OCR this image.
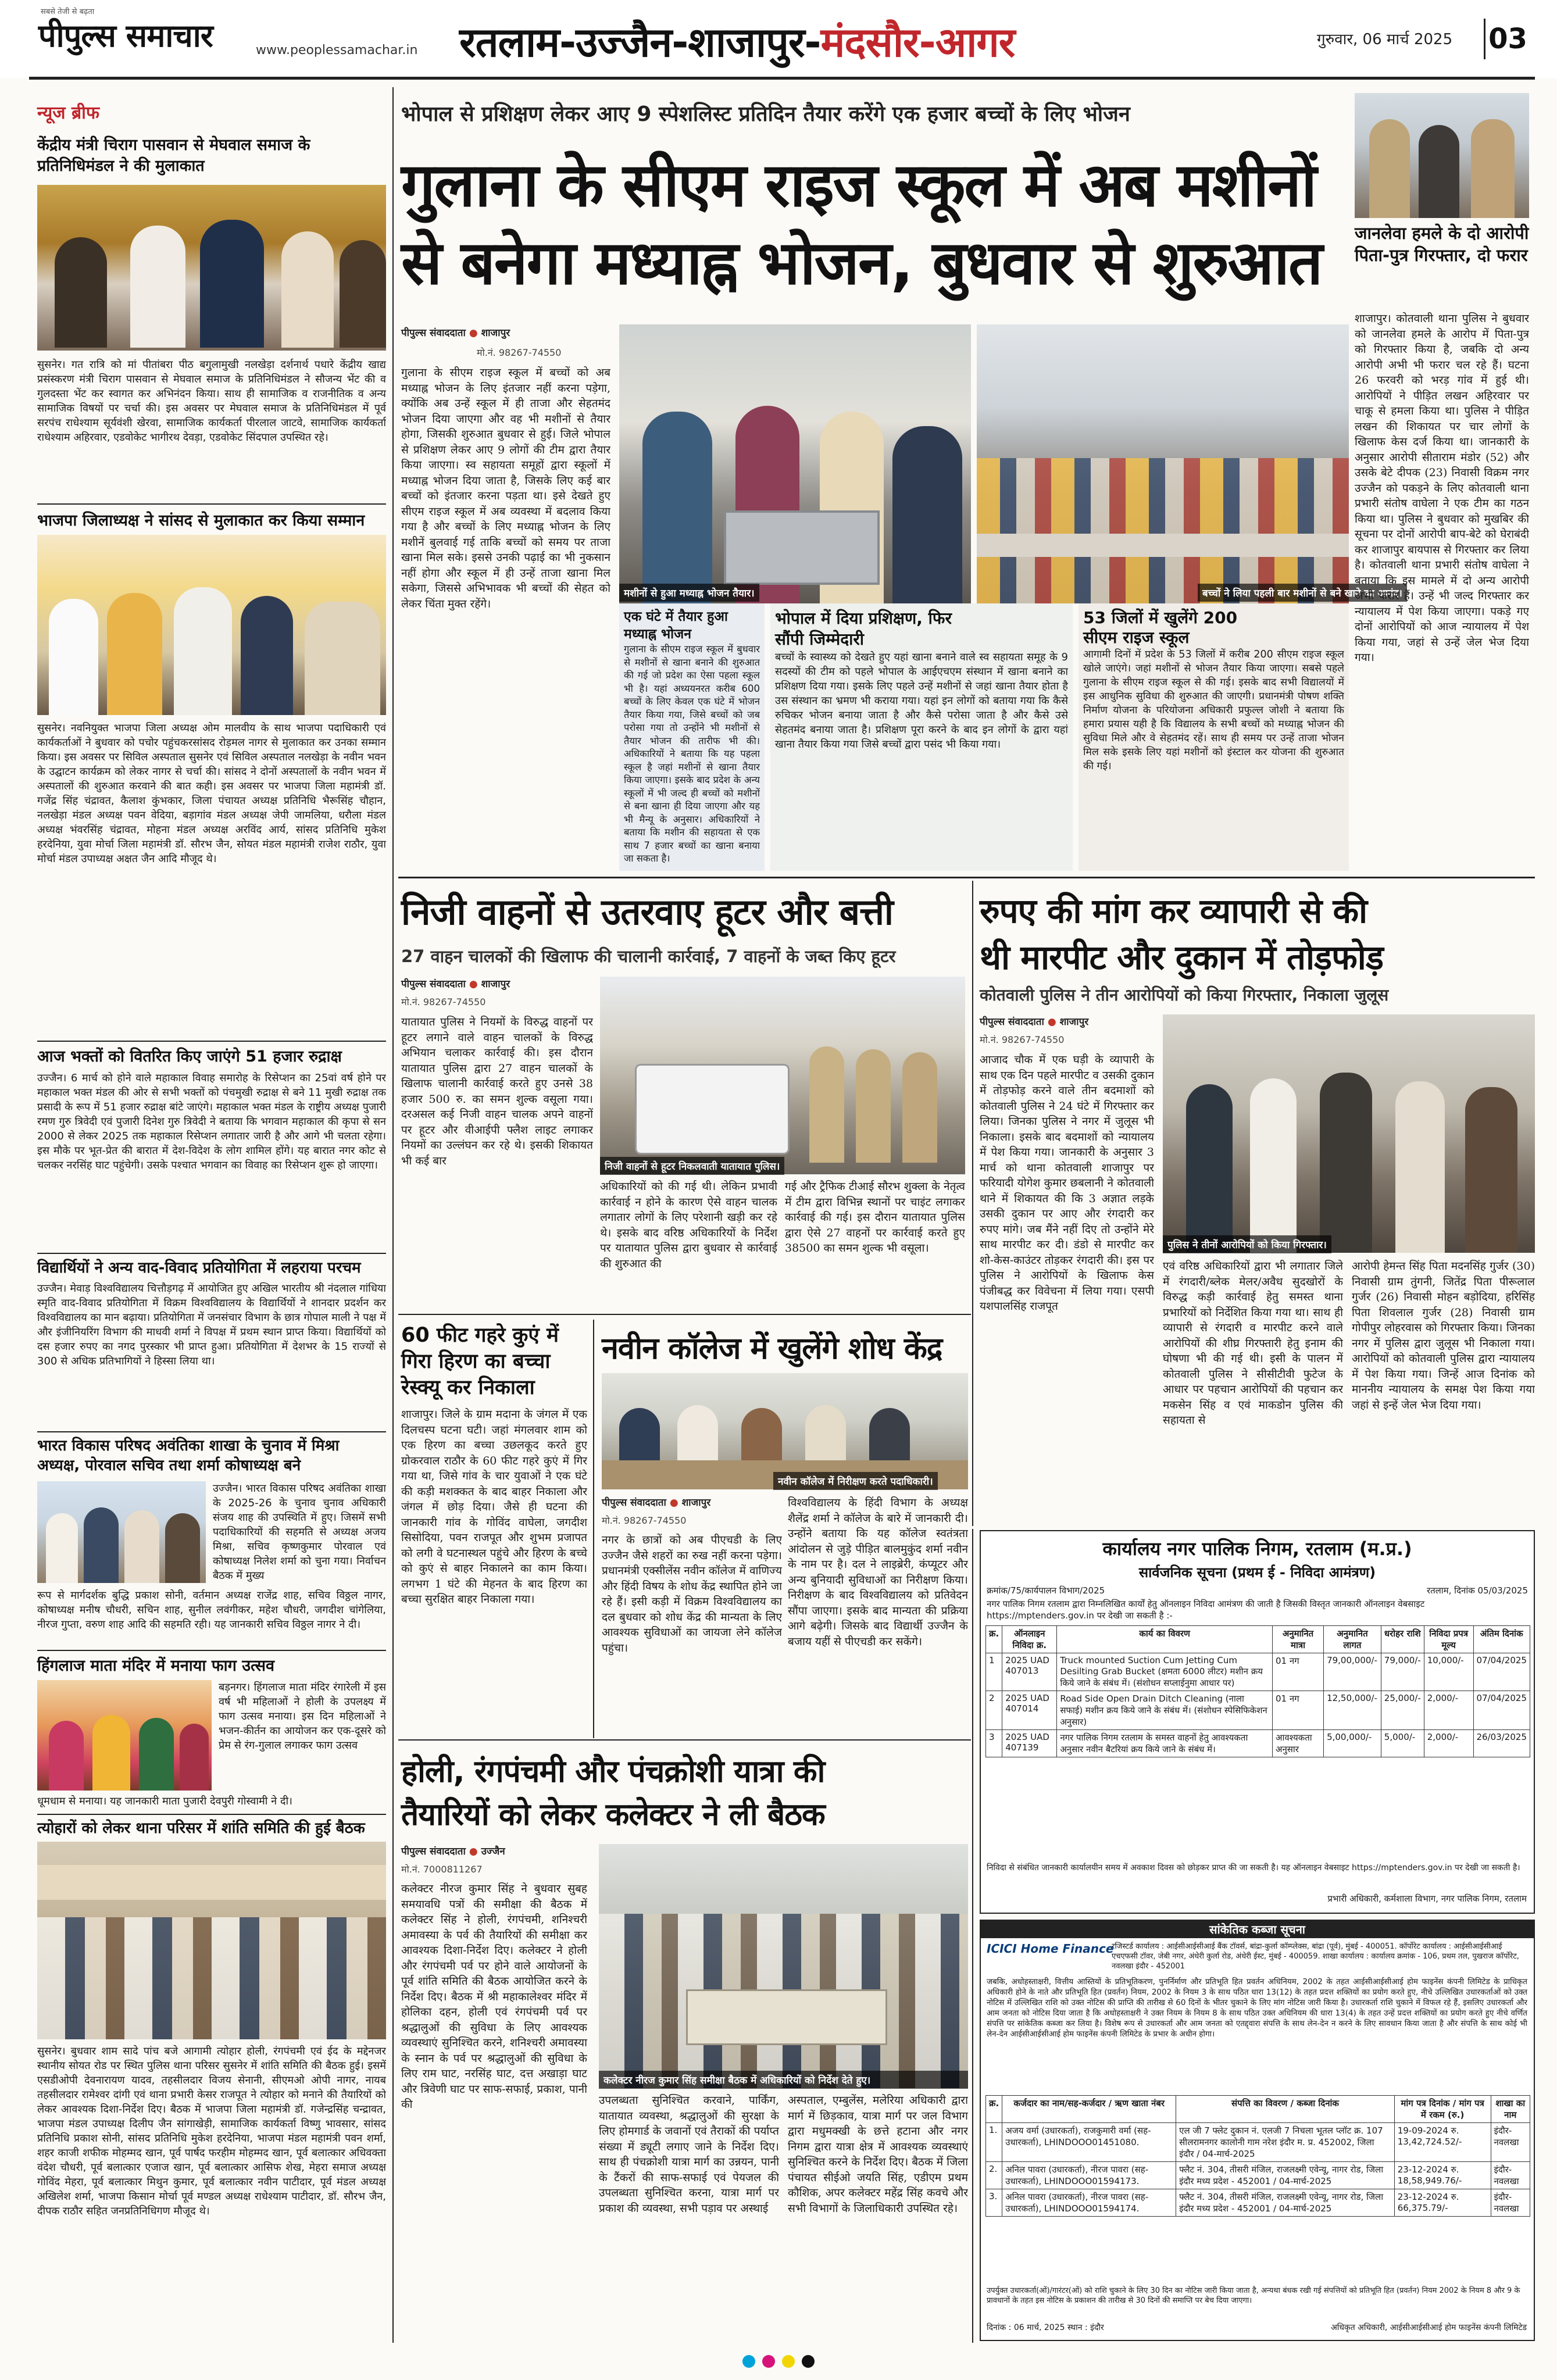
सबसे तेजी से बढ़ता
पीपुल्स समाचार	www.peoplessamachar.in रतलाम-उज्जैन-शाजापुर-मंदसौर-आगर	गुरुवार, 06 मार्च 2025 03
न्यूज ब्रीफ
केंद्रीय मंत्री चिराग पासवान से मेघवाल समाज के प्रतिनिधिमंडल ने की मुलाकात
सुसनेर। गत रात्रि को मां पीतांबरा पीठ बगुलामुखी नलखेड़ा दर्शनार्थ पधारे केंद्रीय खाद्य प्रसंस्करण मंत्री चिराग पासवान से मेघवाल समाज के प्रतिनिधिमंडल ने सौजन्य भेंट की व गुलदस्ता भेंट कर स्वागत कर अभिनंदन किया। साथ ही सामाजिक व राजनीतिक व अन्य सामाजिक विषयों पर चर्चा की। इस अवसर पर मेघवाल समाज के प्रतिनिधिमंडल में पूर्व सरपंच राधेश्याम सूर्यवंशी खेरवा, सामाजिक कार्यकर्ता पीरलाल जाटवे, सामाजिक कार्यकर्ता राधेश्याम अहिरवार, एडवोकेट भागीरथ देवड़ा, एडवोकेट सिंदपाल उपस्थित रहे।
भाजपा जिलाध्यक्ष ने सांसद से मुलाकात कर किया सम्मान
सुसनेर। नवनियुक्त भाजपा जिला अध्यक्ष ओम मालवीय के साथ भाजपा पदाधिकारी एवं कार्यकर्ताओं ने बुधवार को पचोर पहुंचकरसांसद रोड़मल नागर से मुलाकात कर उनका सम्मान किया। इस अवसर पर सिविल अस्पताल सुसनेर एवं सिविल अस्पताल नलखेड़ा के नवीन भवन के उद्घाटन कार्यक्रम को लेकर नागर से चर्चा की। सांसद ने दोनों अस्पतालों के नवीन भवन में अस्पतालों की शुरुआत करवाने की बात कही। इस अवसर पर भाजपा जिला महामंत्री डॉ. गजेंद्र सिंह चंद्रावत, कैलाश कुंभकार, जिला पंचायत अध्यक्ष प्रतिनिधि भैरूसिंह चौहान, नलखेड़ा मंडल अध्यक्ष पवन वेदिया, बड़ागांव मंडल अध्यक्ष जेपी जामलिया, धरौला मंडल अध्यक्ष भंवरसिंह चंद्रावत, मोहना मंडल अध्यक्ष अरविंद आर्य, सांसद प्रतिनिधि मुकेश हरदेनिया, युवा मोर्चा जिला महामंत्री डॉ. सौरभ जैन, सोयत मंडल महामंत्री राजेश राठौर, युवा मोर्चा मंडल उपाध्यक्ष अक्षत जैन आदि मौजूद थे।
आज भक्तों को वितरित किए जाएंगे 51 हजार रुद्राक्ष
उज्जैन। 6 मार्च को होने वाले महाकाल विवाह समारोह के रिसेप्शन का 25वां वर्ष होने पर महाकाल भक्त मंडल की ओर से सभी भक्तों को पंचमुखी रुद्राक्ष से बने 11 मुखी रुद्राक्ष तक प्रसादी के रूप में 51 हजार रुद्राक्ष बांटे जाएंगे। महाकाल भक्त मंडल के राष्ट्रीय अध्यक्ष पुजारी रमण गुरु त्रिवेदी एवं पुजारी दिनेश गुरु त्रिवेदी ने बताया कि भगवान महाकाल की कृपा से सन 2000 से लेकर 2025 तक महाकाल रिसेप्शन लगातार जारी है और आगे भी चलता रहेगा। इस मौके पर भूत-प्रेत की बारात में देश-विदेश के लोग शामिल होंगे। यह बारात नगर कोट से चलकर नरसिंह घाट पहुंचेगी। उसके पश्चात भगवान का विवाह का रिसेप्शन शुरू हो जाएगा।
विद्यार्थियों ने अन्य वाद-विवाद प्रतियोगिता में लहराया परचम
उज्जैन। मेवाड़ विश्वविद्यालय चित्तौड़गढ़ में आयोजित हुए अखिल भारतीय श्री नंदलाल गांधिया स्मृति वाद-विवाद प्रतियोगिता में विक्रम विश्वविद्यालय के विद्यार्थियों ने शानदार प्रदर्शन कर विश्वविद्यालय का मान बढ़ाया। प्रतियोगिता में जनसंचार विभाग के छात्र गोपाल माली ने पक्ष में और इंजीनियरिंग विभाग की माधवी शर्मा ने विपक्ष में प्रथम स्थान प्राप्त किया। विद्यार्थियों को दस हजार रुपए का नगद पुरस्कार भी प्राप्त हुआ। प्रतियोगिता में देशभर के 15 राज्यों से 300 से अधिक प्रतिभागियों ने हिस्सा लिया था।
भारत विकास परिषद अवंतिका शाखा के चुनाव में मिश्रा अध्यक्ष, पोरवाल सचिव तथा शर्मा कोषाध्यक्ष बने
उज्जैन। भारत विकास परिषद अवंतिका शाखा के 2025-26 के चुनाव चुनाव अधिकारी संजय शाह की उपस्थिति में हुए। जिसमें सभी पदाधिकारियों की सहमति से अध्यक्ष अजय मिश्रा, सचिव कृष्णकुमार पोरवाल एवं कोषाध्यक्ष निलेश शर्मा को चुना गया। निर्वाचन बैठक में मुख्य
रूप से मार्गदर्शक बुद्धि प्रकाश सोनी, वर्तमान अध्यक्ष राजेंद्र शाह, सचिव विठ्ठल नागर, कोषाध्यक्ष मनीष चौधरी, सचिन शाह, सुनील लवंगीकर, महेश चौधरी, जगदीश चांगेलिया, नीरज गुप्ता, वरुण शाह आदि की सहमति रही। यह जानकारी सचिव विठ्ठल नागर ने दी।
हिंगलाज माता मंदिर में मनाया फाग उत्सव
बड़नगर। हिंगलाज माता मंदिर रंगारेली में इस वर्ष भी महिलाओं ने होली के उपलक्ष्य में फाग उत्सव मनाया। इस दिन महिलाओं ने भजन-कीर्तन का आयोजन कर एक-दूसरे को प्रेम से रंग-गुलाल लगाकर फाग उत्सव
धूमधाम से मनाया। यह जानकारी माता पुजारी देवपुरी गोस्वामी ने दी।
त्योहारों को लेकर थाना परिसर में शांति समिति की हुई बैठक
सुसनेर। बुधवार शाम सादे पांच बजे आगामी त्योहार होली, रंगपंचमी एवं ईद के मद्देनजर स्थानीय सोयत रोड पर स्थित पुलिस थाना परिसर सुसनेर में शांति समिति की बैठक हुई। इसमें एसडीओपी देवनारायण यादव, तहसीलदार विजय सेनानी, सीएमओ ओपी नागर, नायब तहसीलदार रामेश्वर दांगी एवं थाना प्रभारी केसर राजपूत ने त्योहार को मनाने की तैयारियों को लेकर आवश्यक दिशा-निर्देश दिए। बैठक में भाजपा जिला महामंत्री डॉ. गजेन्द्रसिंह चन्द्रावत, भाजपा मंडल उपाध्यक्ष दिलीप जैन सांगाखेड़ी, सामाजिक कार्यकर्ता विष्णु भावसार, सांसद प्रतिनिधि प्रकाश सोनी, सांसद प्रतिनिधि मुकेश हरदेनिया, भाजपा मंडल महामंत्री पवन शर्मा, शहर काजी शफीक मोहम्मद खान, पूर्व पार्षद फरहीम मोहम्मद खान, पूर्व बलात्कार अधिवक्ता वंदेश चौधरी, पूर्व बलात्कार एजाज खान, पूर्व बलात्कार आसिफ शेख, मेहरा समाज अध्यक्ष गोविंद मेहरा, पूर्व बलात्कार मिथुन कुमार, पूर्व बलात्कार नवीन पाटीदार, पूर्व मंडल अध्यक्ष अखिलेश शर्मा, भाजपा किसान मोर्चा पूर्व मण्डल अध्यक्ष राधेश्याम पाटीदार, डॉ. सौरभ जैन, दीपक राठौर सहित जनप्रतिनिधिगण मौजूद थे।
भोपाल से प्रशिक्षण लेकर आए 9 स्पेशलिस्ट प्रतिदिन तैयार करेंगे एक हजार बच्चों के लिए भोजन
गुलाना के सीएम राइज स्कूल में अब मशीनों
से बनेगा मध्याह्न भोजन, बुधवार से शुरुआत
पीपुल्स संवाददाता ● शाजापुर
मो.नं. 98267-74550
गुलाना के सीएम राइज स्कूल में बच्चों को अब मध्याह्न भोजन के लिए इंतजार नहीं करना पड़ेगा, क्योंकि अब उन्हें स्कूल में ही ताजा और सेहतमंद भोजन दिया जाएगा और वह भी मशीनों से तैयार होगा, जिसकी शुरुआत बुधवार से हुई। जिले भोपाल से प्रशिक्षण लेकर आए 9 लोगों की टीम द्वारा तैयार किया जाएगा। स्व सहायता समूहों द्वारा स्कूलों में मध्याह्न भोजन दिया जाता है, जिसके लिए कई बार बच्चों को इंतजार करना पड़ता था। इसे देखते हुए सीएम राइज स्कूल में अब व्यवस्था में बदलाव किया गया है और बच्चों के लिए मध्याह्न भोजन के लिए मशीनें बुलवाई गई ताकि बच्चों को समय पर ताजा खाना मिल सके। इससे उनकी पढ़ाई का भी नुकसान नहीं होगा और स्कूल में ही उन्हें ताजा खाना मिल सकेगा, जिससे अभिभावक भी बच्चों की सेहत को लेकर चिंता मुक्त रहेंगे।
मशीनों से हुआ मध्याह्न भोजन तैयार।	बच्चों ने लिया पहली बार मशीनों से बने खाने का आनंद।
एक घंटे में तैयार हुआ मध्याह्न भोजन
गुलाना के सीएम राइज स्कूल में बुधवार से मशीनों से खाना बनाने की शुरुआत की गई जो प्रदेश का ऐसा पहला स्कूल भी है। यहां अध्ययनरत करीब 600 बच्चों के लिए केवल एक घंटे में भोजन तैयार किया गया, जिसे बच्चों को जब परोसा गया तो उन्होंने भी मशीनों से तैयार भोजन की तारीफ भी की। अधिकारियों ने बताया कि यह पहला स्कूल है जहां मशीनों से खाना तैयार किया जाएगा। इसके बाद प्रदेश के अन्य स्कूलों में भी जल्द ही बच्चों को मशीनों से बना खाना ही दिया जाएगा और यह भी मैन्यू के अनुसार। अधिकारियों ने बताया कि मशीन की सहायता से एक साथ 7 हजार बच्चों का खाना बनाया जा सकता है।
भोपाल में दिया प्रशिक्षण, फिर सौंपी जिम्मेदारी
बच्चों के स्वास्थ्य को देखते हुए यहां खाना बनाने वाले स्व सहायता समूह के 9 सदस्यों की टीम को पहले भोपाल के आईएचएम संस्थान में खाना बनाने का प्रशिक्षण दिया गया। इसके लिए पहले उन्हें मशीनों से जहां खाना तैयार होता है उस संस्थान का भ्रमण भी कराया गया। यहां इन लोगों को बताया गया कि कैसे रुचिकर भोजन बनाया जाता है और कैसे परोसा जाता है और कैसे उसे सेहतमंद बनाया जाता है। प्रशिक्षण पूरा करने के बाद इन लोगों के द्वारा यहां खाना तैयार किया गया जिसे बच्चों द्वारा पसंद भी किया गया।
53 जिलों में खुलेंगे 200
सीएम राइज स्कूल
आगामी दिनों में प्रदेश के 53 जिलों में करीब 200 सीएम राइज स्कूल खोले जाएंगे। जहां मशीनों से भोजन तैयार किया जाएगा। सबसे पहले गुलाना के सीएम राइज स्कूल से की गई। इसके बाद सभी विद्यालयों में इस आधुनिक सुविधा की शुरुआत की जाएगी। प्रधानमंत्री पोषण शक्ति निर्माण योजना के परियोजना अधिकारी प्रफुल्ल जोशी ने बताया कि हमारा प्रयास यही है कि विद्यालय के सभी बच्चों को मध्याह्न भोजन की सुविधा मिले और वे सेहतमंद रहें। साथ ही समय पर उन्हें ताजा भोजन मिल सके इसके लिए यहां मशीनों को इंस्टाल कर योजना की शुरुआत की गई।
जानलेवा हमले के दो आरोपी पिता-पुत्र गिरफ्तार, दो फरार
शाजापुर। कोतवाली थाना पुलिस ने बुधवार को जानलेवा हमले के आरोप में पिता-पुत्र को गिरफ्तार किया है, जबकि दो अन्य आरोपी अभी भी फरार चल रहे हैं। घटना 26 फरवरी को भरड़ गांव में हुई थी। आरोपियों ने पीड़ित लखन अहिरवार पर चाकू से हमला किया था। पुलिस ने पीड़ित लखन की शिकायत पर चार लोगों के खिलाफ केस दर्ज किया था। जानकारी के अनुसार आरोपी सीताराम मंडोर (52) और उसके बेटे दीपक (23) निवासी विक्रम नगर उज्जैन को पकड़ने के लिए कोतवाली थाना प्रभारी संतोष वाघेला ने एक टीम का गठन किया था। पुलिस ने बुधवार को मुखबिर की सूचना पर दोनों आरोपी बाप-बेटे को घेराबंदी कर शाजापुर बायपास से गिरफ्तार कर लिया है। कोतवाली थाना प्रभारी संतोष वाघेला ने बताया कि इस मामले में दो अन्य आरोपी अभी फरार हैं। उन्हें भी जल्द गिरफ्तार कर न्यायालय में पेश किया जाएगा। पकड़े गए दोनों आरोपियों को आज न्यायालय में पेश किया गया, जहां से उन्हें जेल भेज दिया गया।
निजी वाहनों से उतरवाए हूटर और बत्ती
27 वाहन चालकों की खिलाफ की चालानी कार्रवाई, 7 वाहनों के जब्त किए हूटर
पीपुल्स संवाददाता ● शाजापुर
मो.नं. 98267-74550
यातायात पुलिस ने नियमों के विरुद्ध वाहनों पर हूटर लगाने वाले वाहन चालकों के विरुद्ध अभियान चलाकर कार्रवाई की। इस दौरान यातायात पुलिस द्वारा 27 वाहन चालकों के खिलाफ चालानी कार्रवाई करते हुए उनसे 38 हजार 500 रु. का समन शुल्क वसूला गया। दरअसल कई निजी वाहन चालक अपने वाहनों पर हूटर और वीआईपी फ्लैश लाइट लगाकर नियमों का उल्लंघन कर रहे थे। इसकी शिकायत भी कई बार	निजी वाहनों से हूटर निकलवाती यातायात पुलिस।
अधिकारियों को की गई थी। लेकिन प्रभावी कार्रवाई न होने के कारण ऐसे वाहन चालक लगातार लोगों के लिए परेशानी खड़ी कर रहे थे। इसके बाद वरिष्ठ अधिकारियों के निर्देश पर यातायात पुलिस द्वारा बुधवार से कार्रवाई की शुरुआत की
गई और ट्रैफिक टीआई सौरभ शुक्ला के नेतृत्व में टीम द्वारा विभिन्न स्थानों पर चाइंट लगाकर कार्रवाई की गई। इस दौरान यातायात पुलिस द्वारा ऐसे 27 वाहनों पर कार्रवाई करते हुए 38500 का समन शुल्क भी वसूला।
रुपए की मांग कर व्यापारी से की
थी मारपीट और दुकान में तोड़फोड़
कोतवाली पुलिस ने तीन आरोपियों को किया गिरफ्तार, निकाला जुलूस
पीपुल्स संवाददाता ● शाजापुर
मो.नं. 98267-74550
आजाद चौक में एक घड़ी के व्यापारी के साथ एक दिन पहले मारपीट व उसकी दुकान में तोड़फोड़ करने वाले तीन बदमाशों को कोतवाली पुलिस ने 24 घंटे में गिरफ्तार कर लिया। जिनका पुलिस ने नगर में जुलूस भी निकाला। इसके बाद बदमाशों को न्यायालय में पेश किया गया। जानकारी के अनुसार 3 मार्च को थाना कोतवाली शाजापुर पर फरियादी योगेश कुमार छबलानी ने कोतवाली थाने में शिकायत की कि 3 अज्ञात लड़के उसकी दुकान पर आए और रंगदारी कर रुपए मांगे। जब मैंने नहीं दिए तो उन्होंने मेरे साथ मारपीट कर दी। डंडो से मारपीट कर शो-केस-काउंटर तोड़कर रंगदारी की। इस पर पुलिस ने आरोपियों के खिलाफ केस पंजीबद्ध कर विवेचना में लिया गया। एसपी यशपालसिंह राजपूत
पुलिस ने तीनों आरोपियों को किया गिरफ्तार।
एवं वरिष्ठ अधिकारियों द्वारा भी लगातार जिले में रंगदारी/ब्लेक मेलर/अवैध सुदखोरों के विरुद्ध कड़ी कार्रवाई हेतु समस्त थाना प्रभारियों को निर्देशित किया गया था। साथ ही व्यापारी से रंगदारी व मारपीट करने वाले आरोपियों की शीघ्र गिरफ्तारी हेतु इनाम की घोषणा भी की गई थी। इसी के पालन में कोतवाली पुलिस ने सीसीटीवी फुटेज के आधार पर पहचान आरोपियों की पहचान कर मकसेन सिंह व एवं माकडोन पुलिस की सहायता से
आरोपी हेमन्त सिंह पिता मदनसिंह गुर्जर (30) निवासी ग्राम तुंगनी, जितेंद्र पिता पीरूलाल गुर्जर (26) निवासी मोहन बड़ोदिया, हरिसिंह पिता शिवलाल गुर्जर (28) निवासी ग्राम गोपीपुर लोहरवास को गिरफ्तार किया। जिनका नगर में पुलिस द्वारा जुलूस भी निकाला गया। आरोपियों को कोतवाली पुलिस द्वारा न्यायालय में पेश किया गया। जिन्हें आज दिनांक को माननीय न्यायालय के समक्ष पेश किया गया जहां से इन्हें जेल भेज दिया गया।
60 फीट गहरे कुएं में
गिरा हिरण का बच्चा
रेस्क्यू कर निकाला
शाजापुर। जिले के ग्राम मदाना के जंगल में एक दिलचस्प घटना घटी। जहां मंगलवार शाम को एक हिरण का बच्चा उछलकूद करते हुए ग्रोकरवाल राठौर के 60 फीट गहरे कुएं में गिर गया था, जिसे गांव के चार युवाओं ने एक घंटे की कड़ी मशक्कत के बाद बाहर निकाला और जंगल में छोड़ दिया। जैसे ही घटना की जानकारी गांव के गोविंद वाघेला, जगदीश सिसोदिया, पवन राजपूत और शुभम प्रजापत को लगी वे घटनास्थल पहुंचे और हिरण के बच्चे को कुएं से बाहर निकालने का काम किया। लगभग 1 घंटे की मेहनत के बाद हिरण का बच्चा सुरक्षित बाहर निकाला गया।
नवीन कॉलेज में खुलेंगे शोध केंद्र
नवीन कॉलेज में निरीक्षण करते पदाधिकारी।
पीपुल्स संवाददाता ● शाजापुर
मो.नं. 98267-74550
नगर के छात्रों को अब पीएचडी के लिए उज्जैन जैसे शहरों का रुख नहीं करना पड़ेगा। प्रधानमंत्री एक्सीलेंस नवीन कॉलेज में वाणिज्य और हिंदी विषय के शोध केंद्र स्थापित होने जा रहे हैं। इसी कड़ी में विक्रम विश्वविद्यालय का दल बुधवार को शोध केंद्र की मान्यता के लिए आवश्यक सुविधाओं का जायजा लेने कॉलेज पहुंचा।
विश्वविद्यालय के हिंदी विभाग के अध्यक्ष शैलेंद्र शर्मा ने कॉलेज के बारे में जानकारी दी। उन्होंने बताया कि यह कॉलेज स्वतंत्रता आंदोलन से जुड़े पीड़ित बालमुकुंद शर्मा नवीन के नाम पर है। दल ने लाइब्रेरी, कंप्यूटर और अन्य बुनियादी सुविधाओं का निरीक्षण किया। निरीक्षण के बाद विश्वविद्यालय को प्रतिवेदन सौंपा जाएगा। इसके बाद मान्यता की प्रक्रिया आगे बढ़ेगी। जिसके बाद विद्यार्थी उज्जैन के बजाय यहीं से पीएचडी कर सकेंगे।
होली, रंगपंचमी और पंचक्रोशी यात्रा की
तैयारियों को लेकर कलेक्टर ने ली बैठक
पीपुल्स संवाददाता ● उज्जैन
मो.नं. 7000811267
कलेक्टर नीरज कुमार सिंह ने बुधवार सुबह समयावधि पत्रों की समीक्षा की बैठक में कलेक्टर सिंह ने होली, रंगपंचमी, शनिश्चरी अमावस्या के पर्व की तैयारियों की समीक्षा कर आवश्यक दिशा-निर्देश दिए। कलेक्टर ने होली और रंगपंचमी पर्व पर होने वाले आयोजनों के पूर्व शांति समिति की बैठक आयोजित करने के निर्देश दिए। बैठक में श्री महाकालेश्वर मंदिर में होलिका दहन, होली एवं रंगपंचमी पर्व पर श्रद्धालुओं की सुविधा के लिए आवश्यक व्यवस्थाएं सुनिश्चित करने, शनिश्चरी अमावस्या के स्नान के पर्व पर श्रद्धालुओं की सुविधा के लिए राम घाट, नरसिंह घाट, दत्त अखाड़ा घाट और त्रिवेणी घाट पर साफ-सफाई, प्रकाश, पानी की
कलेक्टर नीरज कुमार सिंह समीक्षा बैठक में अधिकारियों को निर्देश देते हुए।
उपलब्धता सुनिश्चित करवाने, पार्किंग, यातायात व्यवस्था, श्रद्धालुओं की सुरक्षा के लिए होमगार्ड के जवानों एवं तैराकों की पर्याप्त संख्या में ड्यूटी लगाए जाने के निर्देश दिए। साथ ही पंचक्रोशी यात्रा मार्ग का उन्नयन, पानी के टैंकरों की साफ-सफाई एवं पेयजल की उपलब्धता सुनिश्चित करना, यात्रा मार्ग पर प्रकाश की व्यवस्था, सभी पड़ाव पर अस्थाई
अस्पताल, एम्बुलेंस, मलेरिया अधिकारी द्वारा मार्ग में छिड़काव, यात्रा मार्ग पर जल विभाग द्वारा मधुमक्खी के छत्ते हटाना और नगर निगम द्वारा यात्रा क्षेत्र में आवश्यक व्यवस्थाएं सुनिश्चित करने के निर्देश दिए। बैठक में जिला पंचायत सीईओ जयति सिंह, एडीएम प्रथम कौशिक, अपर कलेक्टर महेंद्र सिंह कवचे और सभी विभागों के जिलाधिकारी उपस्थित रहे।
कार्यालय नगर पालिक निगम, रतलाम (म.प्र.)
सार्वजनिक सूचना (प्रथम ई - निविदा आमंत्रण)
क्रमांक/75/कार्यपालन विभाग/2025	रतलाम, दिनांक 05/03/2025
नगर पालिक निगम रतलाम द्वारा निम्नलिखित कार्यों हेतु ऑनलाइन निविदा आमंत्रण की जाती है जिसकी विस्तृत जानकारी ऑनलाइन वेबसाइट https://mptenders.gov.in पर देखी जा सकती है :-
क्र.	ऑनलाइन निविदा क्र.	कार्य का विवरण	अनुमानित मात्रा	अनुमानित लागत	धरोहर राशि	निविदा प्रपत्र मूल्य	अंतिम दिनांक
1	2025 UAD 407013	Truck mounted Suction Cum Jetting Cum Desilting Grab Bucket (क्षमता 6000 लीटर) मशीन क्रय किये जाने के संबंध में। (संशोधन सप्लाईनुमा आधार पर)	01 नग	79,00,000/-	79,000/-	10,000/-	07/04/2025
2	2025 UAD 407014	Road Side Open Drain Ditch Cleaning (नाला सफाई) मशीन क्रय किये जाने के संबंध में। (संशोधन स्पेसिफिकेशन अनुसार)	01 नग	12,50,000/-	25,000/-	2,000/-	07/04/2025
3	2025 UAD 407139	नगर पालिक निगम रतलाम के समस्त वाहनों हेतु आवश्यकता अनुसार नवीन बैटरियां क्रय किये जाने के संबंध में।	आवश्यकता अनुसार	5,00,000/-	5,000/-	2,000/-	26/03/2025
निविदा से संबंधित जानकारी कार्यालयीन समय में अवकाश दिवस को छोड़कर प्राप्त की जा सकती है। यह ऑनलाइन वेबसाइट https://mptenders.gov.in पर देखी जा सकती है।
प्रभारी अधिकारी, कर्मशाला विभाग, नगर पालिक निगम, रतलाम
सांकेतिक कब्जा सूचना
ICICI Home Finance
रजिस्टर्ड कार्यालय : आईसीआईसीआई बैंक टॉवर्स, बांद्रा-कुर्ला कॉम्प्लेक्स, बांद्रा (पूर्व), मुंबई - 400051. कॉर्पोरेट कार्यालय : आईसीआईसीआई एचएफसी टॉवर, जेबी नगर, अंधेरी कुर्ला रोड, अंधेरी ईस्ट, मुंबई - 400059. शाखा कार्यालय : कार्यालय क्रमांक - 106, प्रथम तल, पुखराज कॉर्पोरेट, नवलखा इंदौर - 452001
जबकि, अधोहस्ताक्षरी, वित्तीय आस्तियों के प्रतिभूतिकरण, पुनर्निर्माण और प्रतिभूति हित प्रवर्तन अधिनियम, 2002 के तहत आईसीआईसीआई होम फाइनेंस कंपनी लिमिटेड के प्राधिकृत अधिकारी होने के नाते और प्रतिभूति हित (प्रवर्तन) नियम, 2002 के नियम 3 के साथ पठित धारा 13(12) के तहत प्रदत्त शक्तियों का प्रयोग करते हुए, नीचे उल्लिखित उधारकर्ताओं को उक्त नोटिस में उल्लिखित राशि को उक्त नोटिस की प्राप्ति की तारीख से 60 दिनों के भीतर चुकाने के लिए मांग नोटिस जारी किया है। उधारकर्ता राशि चुकाने में विफल रहे हैं, इसलिए उधारकर्ता और आम जनता को नोटिस दिया जाता है कि अधोहस्ताक्षरी ने उक्त नियम के नियम 8 के साथ पठित उक्त अधिनियम की धारा 13(4) के तहत उन्हें प्रदत्त शक्तियों का प्रयोग करते हुए नीचे वर्णित संपत्ति पर सांकेतिक कब्जा कर लिया है। विशेष रूप से उधारकर्ता और आम जनता को एतद्द्वारा संपत्ति के साथ लेन-देन न करने के लिए सावधान किया जाता है और संपत्ति के साथ कोई भी लेन-देन आईसीआईसीआई होम फाइनेंस कंपनी लिमिटेड के प्रभार के अधीन होगा।
क्र.	कर्जदार का नाम/सह-कर्जदार / ऋण खाता नंबर	संपत्ति का विवरण / कब्जा दिनांक	मांग पत्र दिनांक / मांग पत्र में रकम (रु.)	शाखा का नाम
1.	अजय वर्मा (उधारकर्ता), राजकुमारी वर्मा (सह-उधारकर्ता), LHINDOOO01451080.	एल जी 7 फ्लेट दुकान नं. एलजी 7 निचला भूतल प्लॉट क्र. 107 सीलरामनगर कालोनी गाम नरेश इंदौर म. प्र. 452002, जिला इंदौर / 04-मार्च-2025	19-09-2024 रु. 13,42,724.52/-	इंदौर-नवलखा
2.	अनिल पावरा (उधारकर्ता), नीरज पावरा (सह-उधारकर्ता), LHINDOOO01594173.	फ्लैट नं. 304, तीसरी मंजिल, राजलक्ष्मी एवेन्यू, नागर रोड, जिला इंदौर मध्य प्रदेश - 452001 / 04-मार्च-2025	23-12-2024 रु. 18,58,949.76/-	इंदौर-नवलखा
3.	अनिल पावरा (उधारकर्ता), नीरज पावरा (सह-उधारकर्ता), LHINDOOO01594174.	फ्लैट नं. 304, तीसरी मंजिल, राजलक्ष्मी एवेन्यू, नागर रोड, जिला इंदौर मध्य प्रदेश - 452001 / 04-मार्च-2025	23-12-2024 रु. 66,375.79/-	इंदौर-नवलखा
उपर्युक्त उधारकर्ता(ओं)/गारंटर(ओं) को राशि चुकाने के लिए 30 दिन का नोटिस जारी किया जाता है, अन्यथा बंधक रखी गई संपत्तियों को प्रतिभूति हित (प्रवर्तन) नियम 2002 के नियम 8 और 9 के प्रावधानों के तहत इस नोटिस के प्रकाशन की तारीख से 30 दिनों की समाप्ति पर बेच दिया जाएगा।
दिनांक : 06 मार्च, 2025 स्थान : इंदौर	अधिकृत अधिकारी, आईसीआईसीआई होम फाइनेंस कंपनी लिमिटेड
